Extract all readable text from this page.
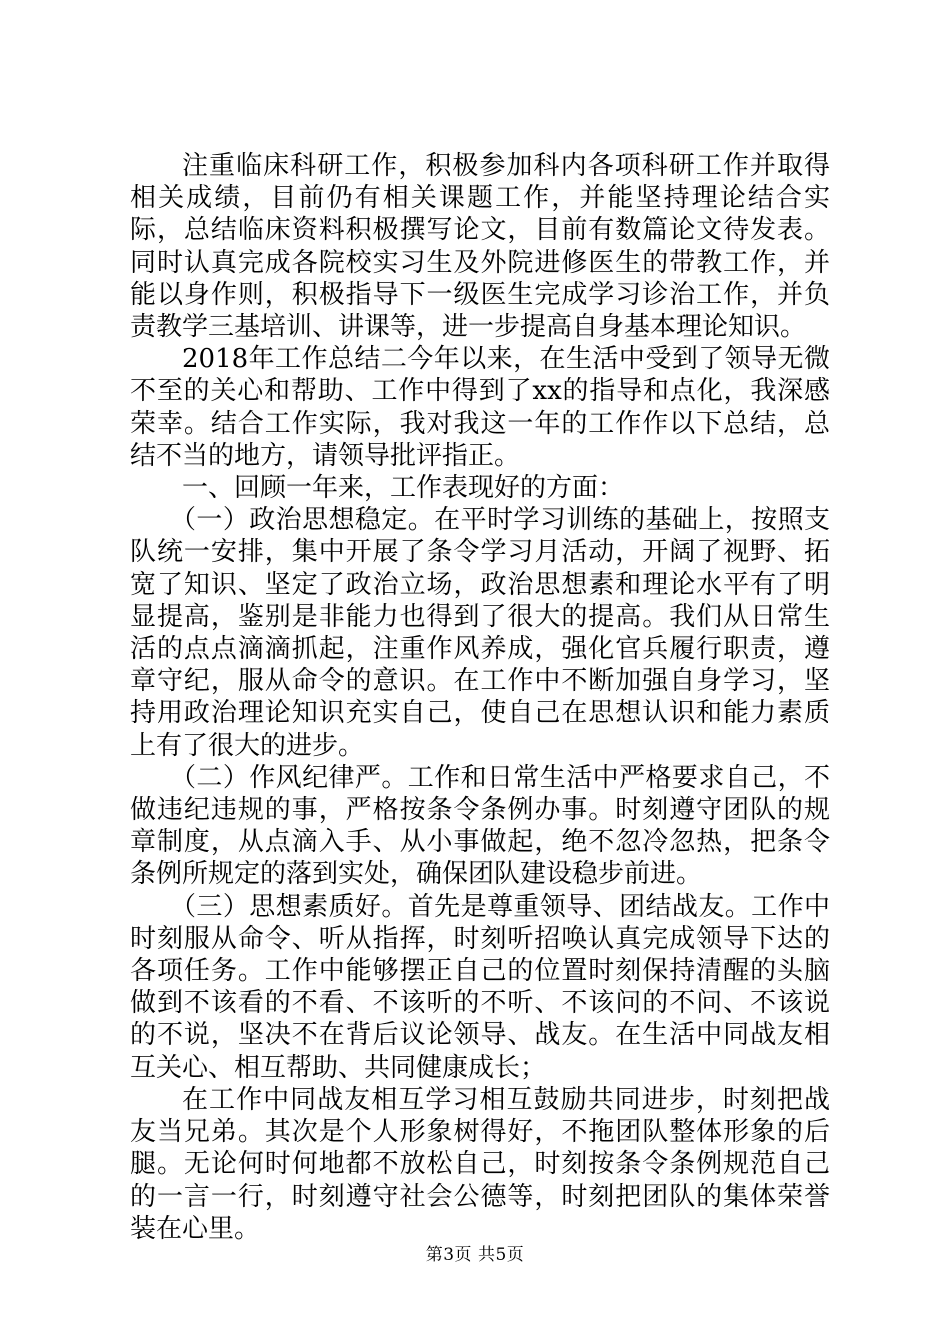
注重临床科研工作，积极参加科内各项科研工作并取得相关成绩，目前仍有相关课题工作，并能坚持理论结合实际，总结临床资料积极撰写论文，目前有数篇论文待发表。同时认真完成各院校实习生及外院进修医生的带教工作，并能以身作则，积极指导下一级医生完成学习诊治工作，并负责教学三基培训、讲课等，进一步提高自身基本理论知识。

2018年工作总结二今年以来，在生活中受到了领导无微不至的关心和帮助、工作中得到了xx的指导和点化，我深感荣幸。结合工作实际，我对我这一年的工作作以下总结，总结不当的地方，请领导批评指正。

一、回顾一年来，工作表现好的方面：

（一）政治思想稳定。在平时学习训练的基础上，按照支队统一安排，集中开展了条令学习月活动，开阔了视野、拓宽了知识、坚定了政治立场，政治思想素和理论水平有了明显提高，鉴别是非能力也得到了很大的提高。我们从日常生活的点点滴滴抓起，注重作风养成，强化官兵履行职责，遵章守纪，服从命令的意识。在工作中不断加强自身学习，坚持用政治理论知识充实自己，使自己在思想认识和能力素质上有了很大的进步。

（二）作风纪律严。工作和日常生活中严格要求自己，不做违纪违规的事，严格按条令条例办事。时刻遵守团队的规章制度，从点滴入手、从小事做起，绝不忽冷忽热，把条令条例所规定的落到实处，确保团队建设稳步前进。

（三）思想素质好。首先是尊重领导、团结战友。工作中时刻服从命令、听从指挥，时刻听招唤认真完成领导下达的各项任务。工作中能够摆正自己的位置时刻保持清醒的头脑做到不该看的不看、不该听的不听、不该问的不问、不该说的不说，坚决不在背后议论领导、战友。在生活中同战友相互关心、相互帮助、共同健康成长；

在工作中同战友相互学习相互鼓励共同进步，时刻把战友当兄弟。其次是个人形象树得好，不拖团队整体形象的后腿。无论何时何地都不放松自己，时刻按条令条例规范自己的一言一行，时刻遵守社会公德等，时刻把团队的集体荣誉装在心里。

第3页 共5页
